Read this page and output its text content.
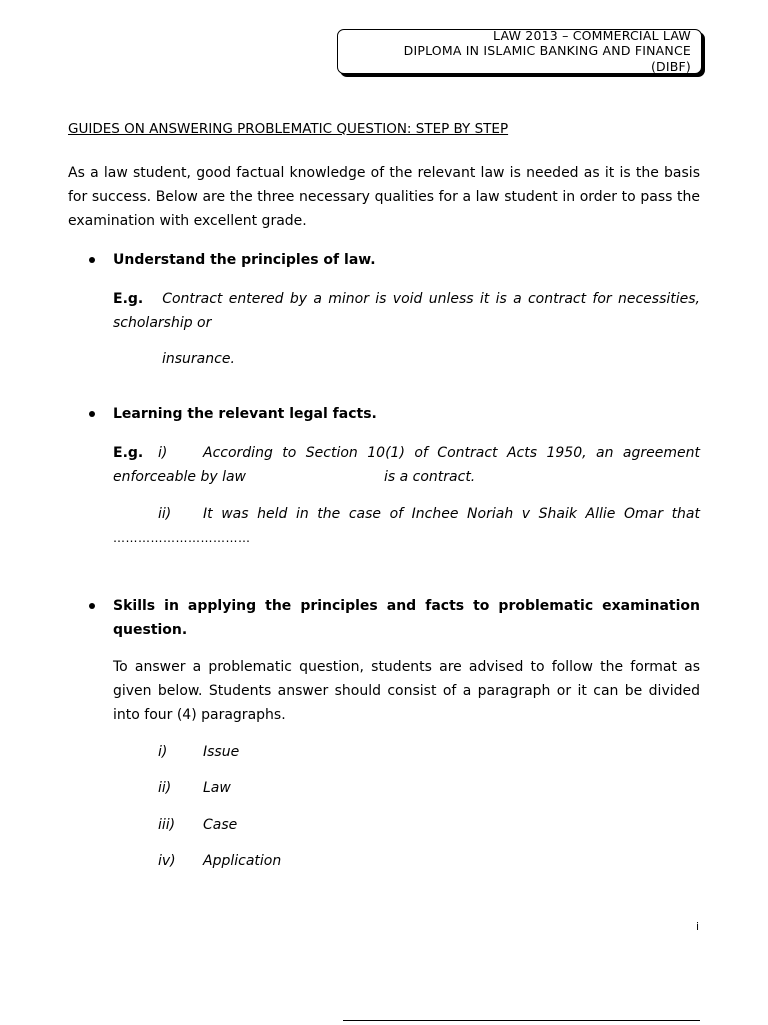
LAW 2013 – COMMERCIAL LAW
DIPLOMA IN ISLAMIC BANKING AND FINANCE
(DIBF)
GUIDES ON ANSWERING PROBLEMATIC QUESTION: STEP BY STEP
As a law student, good factual knowledge of the relevant law is needed as it is the basis for success. Below are the three necessary qualities for a law student in order to pass the examination with excellent grade.
Understand the principles of law.
E.g. Contract entered by a minor is void unless it is a contract for necessities, scholarship or
insurance.
Learning the relevant legal facts.
E.g. i)	According to Section 10(1) of Contract Acts 1950, an agreement
enforceable by law	is a contract.
ii) It was held in the case of Inchee Noriah v Shaik Allie Omar that
……………………………
Skills in applying the principles and facts to problematic examination question.
To answer a problematic question, students are advised to follow the format as given below. Students answer should consist of a paragraph or it can be divided into four (4) paragraphs.
i)	Issue
ii) Law
iii) Case
iv) Application
i
